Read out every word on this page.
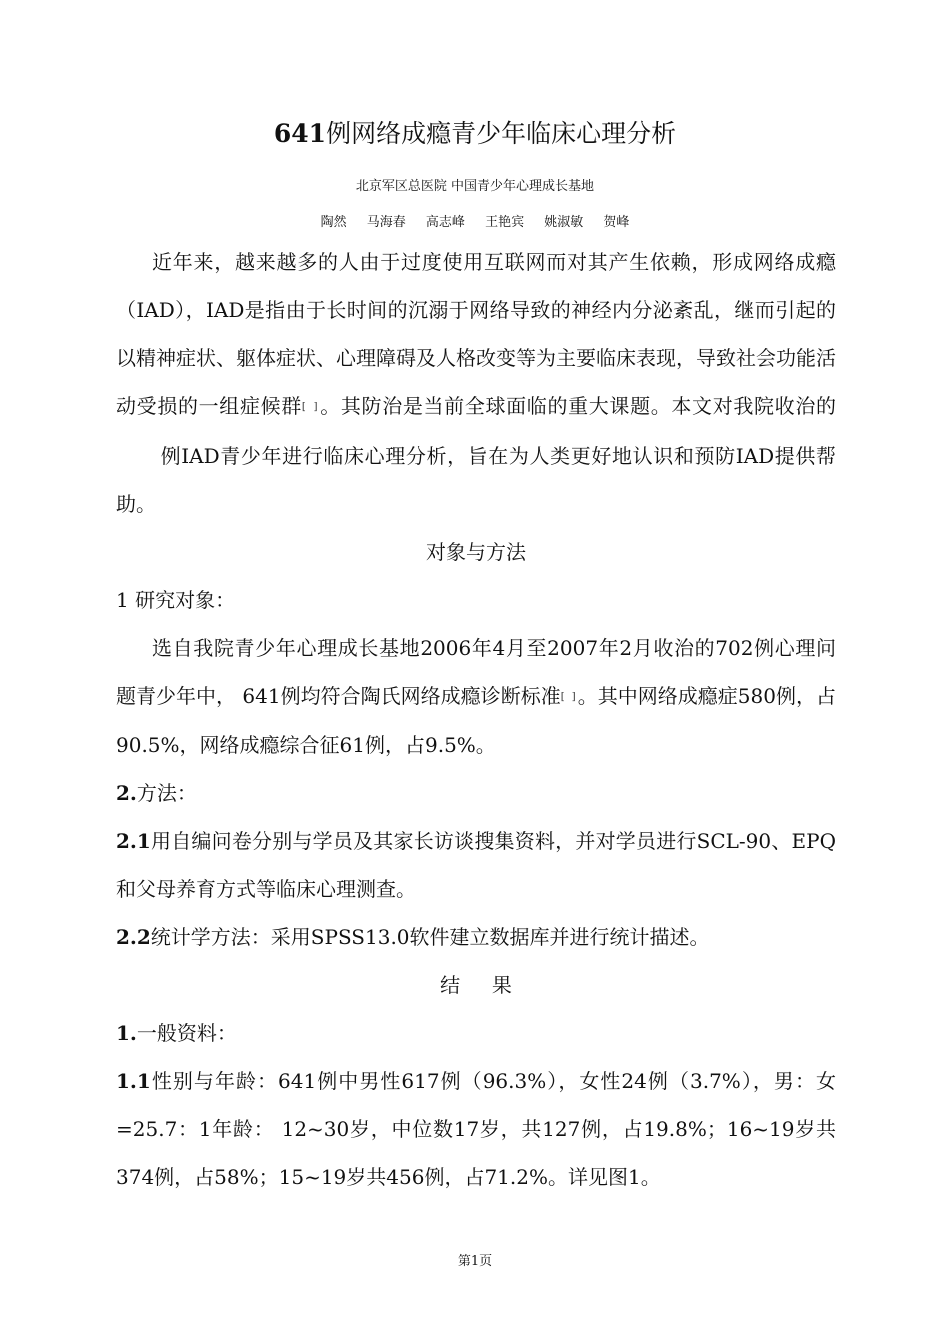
641例网络成瘾青少年临床心理分析
北京军区总医院 中国青少年心理成长基地
陶然 马海春 高志峰 王艳宾 姚淑敏 贺峰

近年来，越来越多的人由于过度使用互联网而对其产生依赖，形成网络成瘾（IAD），IAD是指由于长时间的沉溺于网络导致的神经内分泌紊乱，继而引起的以精神症状、躯体症状、心理障碍及人格改变等为主要临床表现，导致社会功能活动受损的一组症候群[ ]。其防治是当前全球面临的重大课题。本文对我院收治的例IAD青少年进行临床心理分析，旨在为人类更好地认识和预防IAD提供帮助。

对象与方法

1 研究对象：

选自我院青少年心理成长基地2006年4月至2007年2月收治的702例心理问题青少年中， 641例均符合陶氏网络成瘾诊断标准[ ]。其中网络成瘾症580例，占90.5%，网络成瘾综合征61例，占9.5%。

2.方法：

2.1用自编问卷分别与学员及其家长访谈搜集资料，并对学员进行SCL-90、EPQ和父母养育方式等临床心理测查。

2.2统计学方法：采用SPSS13.0软件建立数据库并进行统计描述。

结     果

1.一般资料：

1.1性别与年龄：641例中男性617例（96.3%），女性24例（3.7%），男：女=25.7：1年龄： 12~30岁，中位数17岁，共127例，占19.8%；16~19岁共374例，占58%；15~19岁共456例，占71.2%。详见图1。

第1页
